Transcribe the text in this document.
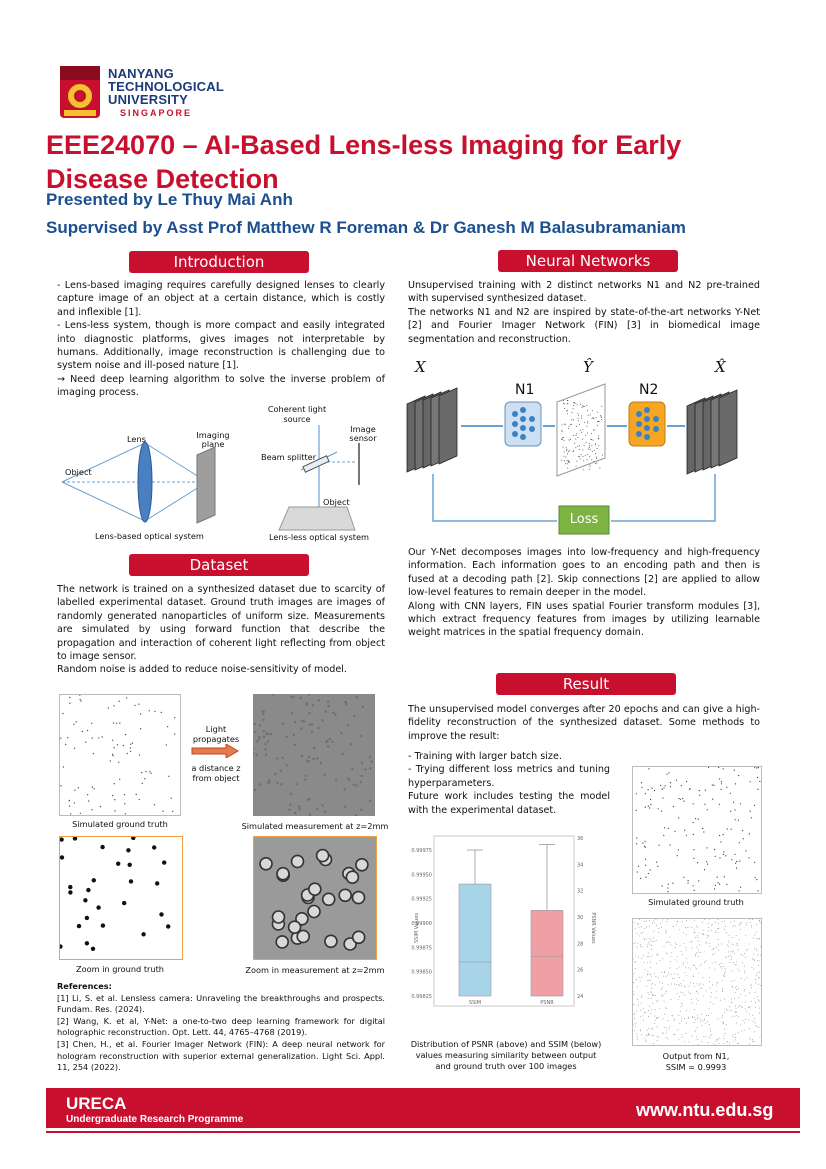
NANYANG
TECHNOLOGICAL
UNIVERSITY
SINGAPORE
EEE24070 – AI-Based Lens-less Imaging for Early Disease Detection
Presented by Le Thuy Mai Anh
Supervised by Asst Prof Matthew R Foreman & Dr Ganesh M Balasubramaniam
Introduction

- Lens-based imaging requires carefully designed lenses to clearly capture image of an object at a certain distance, which is costly and inflexible [1].

- Lens-less system, though is more compact and easily integrated into diagnostic platforms, gives images not interpretable by humans. Additionally, image reconstruction is challenging due to system noise and ill-posed nature [1].

→ Need deep learning algorithm to solve the inverse problem of imaging process.

Lens	Imaging plane
Object
Lens-based optical system
Coherent light source
Image sensor
Beam splitter
Object
Lens-less optical system
Dataset

The network is trained on a synthesized dataset due to scarcity of labelled experimental dataset. Ground truth images are images of randomly generated nanoparticles of uniform size. Measurements are simulated by using forward function that describe the propagation and interaction of coherent light reflecting from object to image sensor.

Random noise is added to reduce noise-sensitivity of model.

Simulated ground truth
Light
propagates
a distance z
from object
Simulated measurement at z=2mm
Zoom in ground truth	Zoom in measurement at z=2mm

References:

[1] Li, S. et al. Lensless camera: Unraveling the breakthroughs and prospects. Fundam. Res. (2024).

[2] Wang, K. et al, Y-Net: a one-to-two deep learning framework for digital holographic reconstruction. Opt. Lett. 44, 4765–4768 (2019).

[3] Chen, H., et al. Fourier Imager Network (FIN): A deep neural network for hologram reconstruction with superior external generalization. Light Sci. Appl. 11, 254 (2022).

Neural Networks

Unsupervised training with 2 distinct networks N1 and N2 pre-trained with supervised synthesized dataset.

The networks N1 and N2 are inspired by state-of-the-art networks Y-Net [2] and Fourier Imager Network (FIN) [3] in biomedical image segmentation and reconstruction.

X
N1
Ŷ
N2
X̂
Loss

Our Y-Net decomposes images into low-frequency and high-frequency information. Each information goes to an encoding path and then is fused at a decoding path [2]. Skip connections [2] are applied to allow low-level features to remain deeper in the model.

Along with CNN layers, FIN uses spatial Fourier transform modules [3], which extract frequency features from images by utilizing learnable weight matrices in the spatial frequency domain.

Result
The unsupervised model converges after 20 epochs and can give a high-fidelity reconstruction of the synthesized dataset. Some methods to improve the result:

- Training with larger batch size.

- Trying different loss metrics and tuning hyperparameters.

Future work includes testing the model with the experimental dataset.

0.99975
0.99950
0.99925
0.99900
0.99875
0.99850
0.99825
36
34
32
30
28
26
24
SSIM Values	PSNR Values
SSIM	PSNR
Distribution of PSNR (above) and SSIM (below) values measuring similarity between output and ground truth over 100 images
Simulated ground truth
Output from N1,
SSIM = 0.9993
URECA
Undergraduate Research Programme	www.ntu.edu.sg
